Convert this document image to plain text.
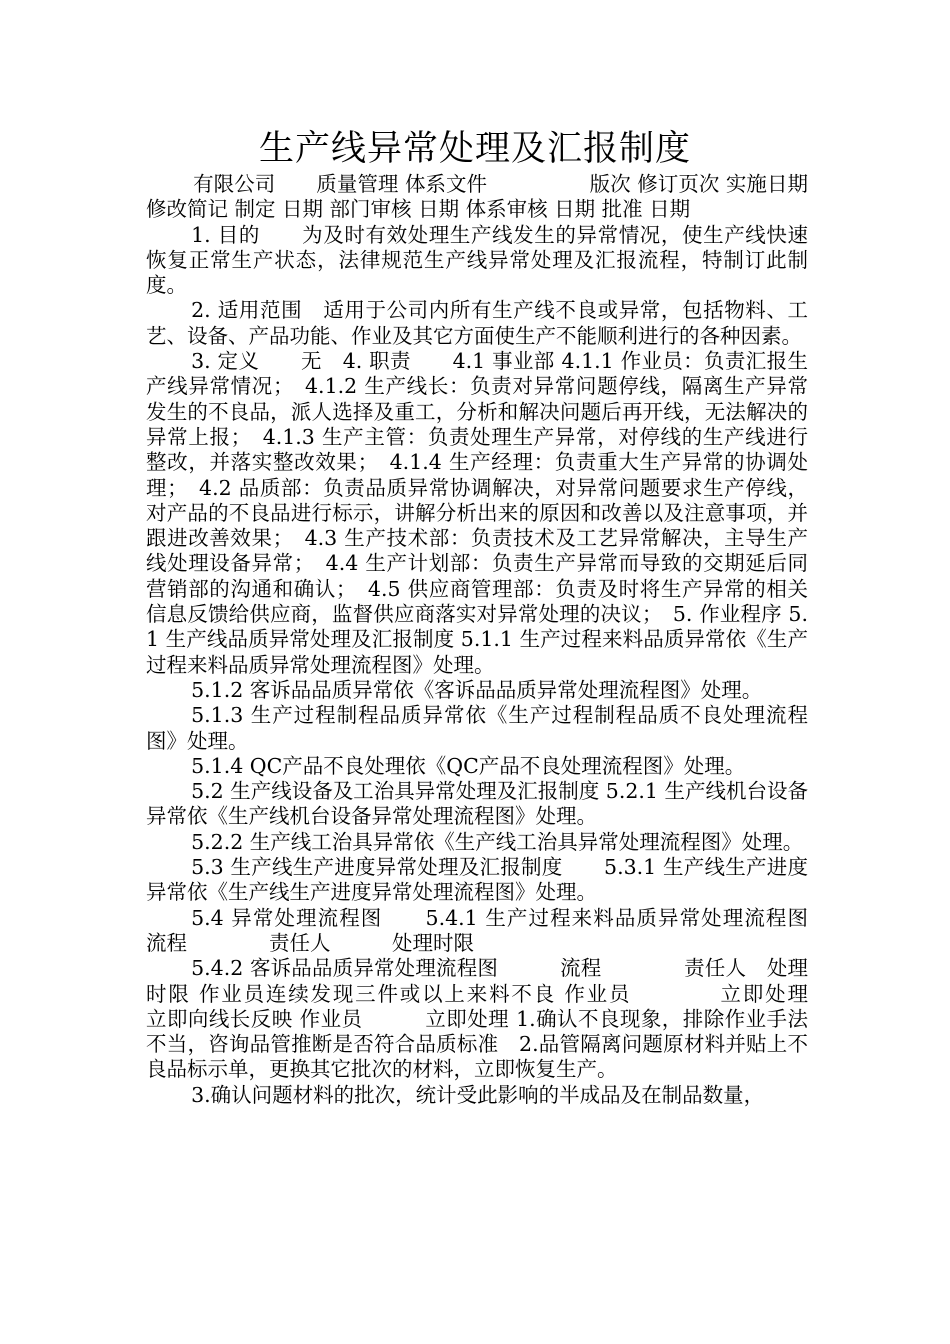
生产线异常处理及汇报制度

有限公司　　质量管理 体系文件　　　　　版次 修订页次 实施日期 修改简记 制定 日期 部门审核 日期 体系审核 日期 批准 日期

1. 目的　　为及时有效处理生产线发生的异常情况，使生产线快速恢复正常生产状态，法律规范生产线异常处理及汇报流程，特制订此制度。

2. 适用范围　适用于公司内所有生产线不良或异常，包括物料、工艺、设备、产品功能、作业及其它方面使生产不能顺利进行的各种因素。

3. 定义　　无　4. 职责　　4.1 事业部 4.1.1 作业员：负责汇报生产线异常情况；　4.1.2 生产线长：负责对异常问题停线，隔离生产异常发生的不良品，派人选择及重工，分析和解决问题后再开线，无法解决的异常上报；　4.1.3 生产主管：负责处理生产异常，对停线的生产线进行整改，并落实整改效果；　4.1.4 生产经理：负责重大生产异常的协调处理；　4.2 品质部：负责品质异常协调解决，对异常问题要求生产停线，对产品的不良品进行标示，讲解分析出来的原因和改善以及注意事项，并跟进改善效果；　4.3 生产技术部：负责技术及工艺异常解决，主导生产线处理设备异常；　4.4 生产计划部：负责生产异常而导致的交期延后同营销部的沟通和确认；　4.5 供应商管理部：负责及时将生产异常的相关信息反馈给供应商，监督供应商落实对异常处理的决议；　5. 作业程序 5.1 生产线品质异常处理及汇报制度 5.1.1 生产过程来料品质异常依《生产过程来料品质异常处理流程图》处理。

5.1.2 客诉品品质异常依《客诉品品质异常处理流程图》处理。

5.1.3 生产过程制程品质异常依《生产过程制程品质不良处理流程图》处理。

5.1.4 QC产品不良处理依《QC产品不良处理流程图》处理。

5.2 生产线设备及工治具异常处理及汇报制度 5.2.1 生产线机台设备异常依《生产线机台设备异常处理流程图》处理。

5.2.2 生产线工治具异常依《生产线工治具异常处理流程图》处理。

5.3 生产线生产进度异常处理及汇报制度　　5.3.1 生产线生产进度异常依《生产线生产进度异常处理流程图》处理。

5.4 异常处理流程图　　5.4.1 生产过程来料品质异常处理流程图　　流程　　　　责任人　　　处理时限

5.4.2 客诉品品质异常处理流程图　　　流程　　　　责任人　处理时限 作业员连续发现三件或以上来料不良 作业员　　　　立即处理　　　立即向线长反映 作业员　　　立即处理 1.确认不良现象，排除作业手法不当，咨询品管推断是否符合品质标准　2.品管隔离问题原材料并贴上不良品标示单，更换其它批次的材料，立即恢复生产。

3.确认问题材料的批次，统计受此影响的半成品及在制品数量，
